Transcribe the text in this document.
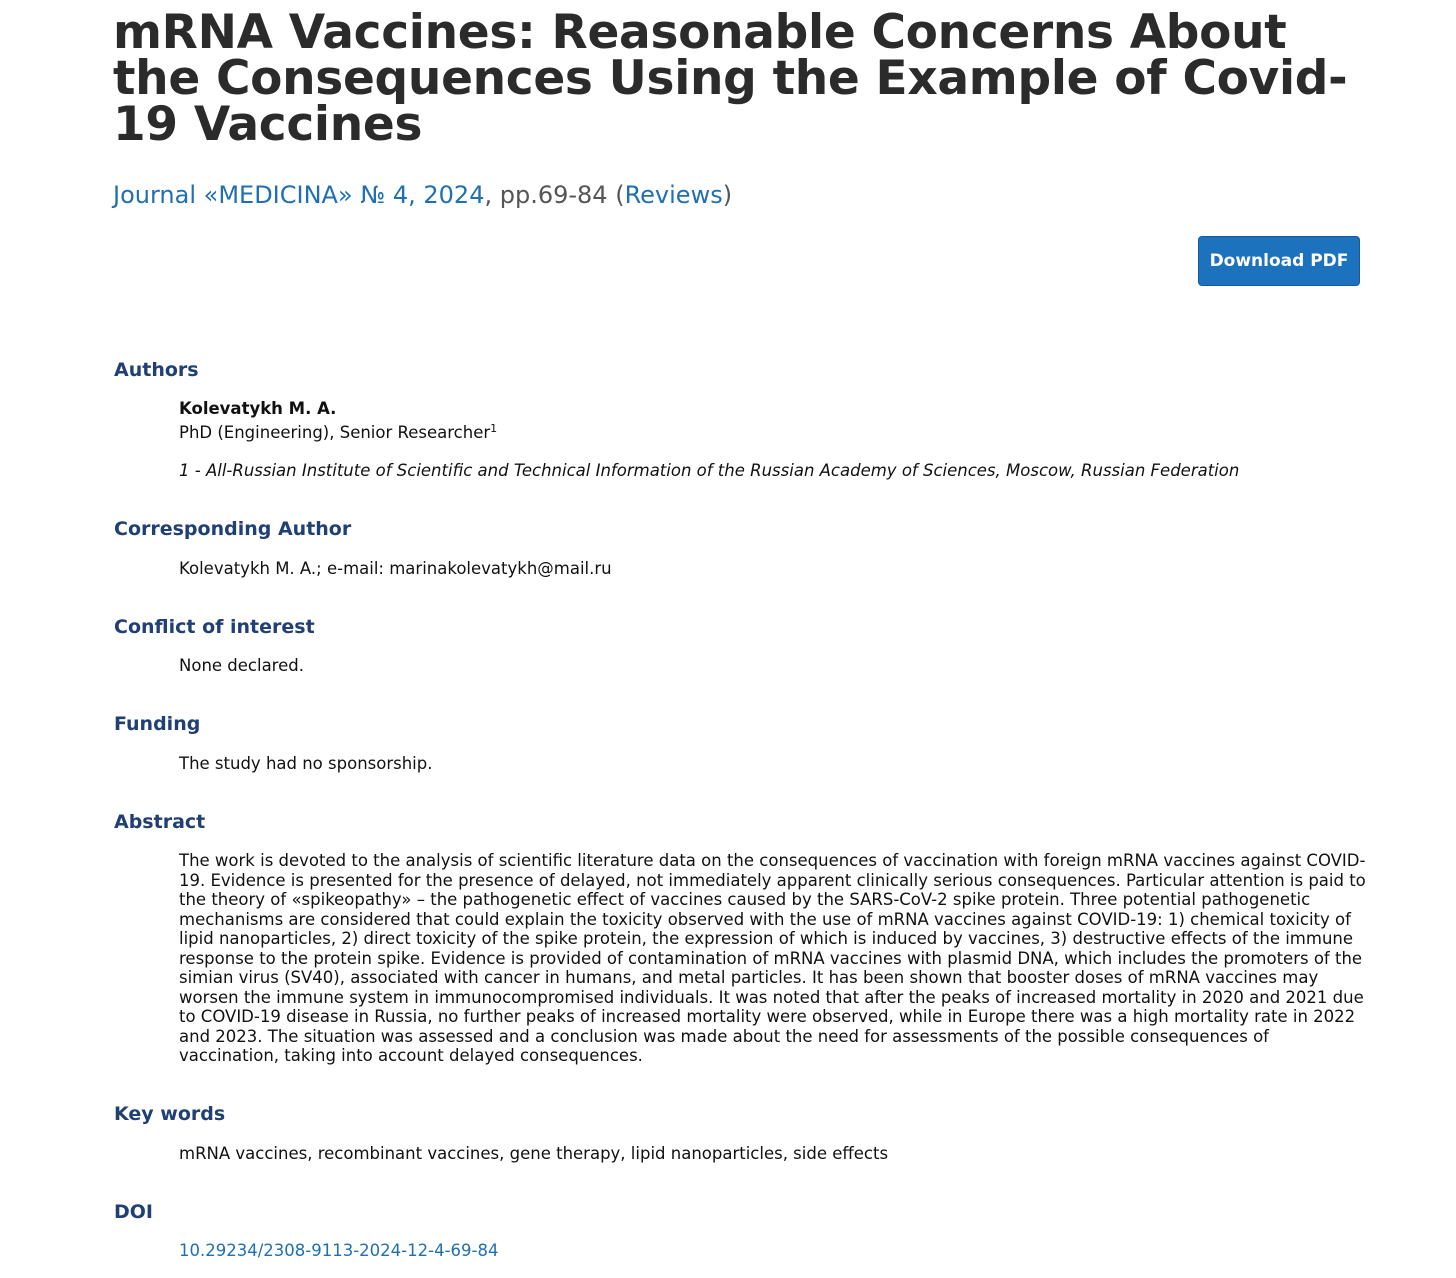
mRNA Vaccines: Reasonable Concerns About the Consequences Using the Example of Covid-19 Vaccines
Journal «MEDICINA» № 4, 2024, pp.69-84 (Reviews)
Download PDF
Authors
Kolevatykh M. A.
PhD (Engineering), Senior Researcher$^1$
1 - All-Russian Institute of Scientific and Technical Information of the Russian Academy of Sciences, Moscow, Russian Federation
Corresponding Author
Kolevatykh M. A.; e-mail: marinakolevatykh@mail.ru
Conflict of interest
None declared.
Funding
The study had no sponsorship.
Abstract

The work is devoted to the analysis of scientific literature data on the consequences of vaccination with foreign mRNA vaccines against COVID-19. Evidence is presented for the presence of delayed, not immediately apparent clinically serious consequences. Particular attention is paid to the theory of «spikeopathy» – the pathogenetic effect of vaccines caused by the SARS-CoV-2 spike protein. Three potential pathogenetic mechanisms are considered that could explain the toxicity observed with the use of mRNA vaccines against COVID-19: 1) chemical toxicity of lipid nanoparticles, 2) direct toxicity of the spike protein, the expression of which is induced by vaccines, 3) destructive effects of the immune response to the protein spike. Evidence is provided of contamination of mRNA vaccines with plasmid DNA, which includes the promoters of the simian virus (SV40), associated with cancer in humans, and metal particles. It has been shown that booster doses of mRNA vaccines may worsen the immune system in immunocompromised individuals. It was noted that after the peaks of increased mortality in 2020 and 2021 due to COVID-19 disease in Russia, no further peaks of increased mortality were observed, while in Europe there was a high mortality rate in 2022 and 2023. The situation was assessed and a conclusion was made about the need for assessments of the possible consequences of vaccination, taking into account delayed consequences.

Key words
mRNA vaccines, recombinant vaccines, gene therapy, lipid nanoparticles, side effects
DOI
10.29234/2308-9113-2024-12-4-69-84
